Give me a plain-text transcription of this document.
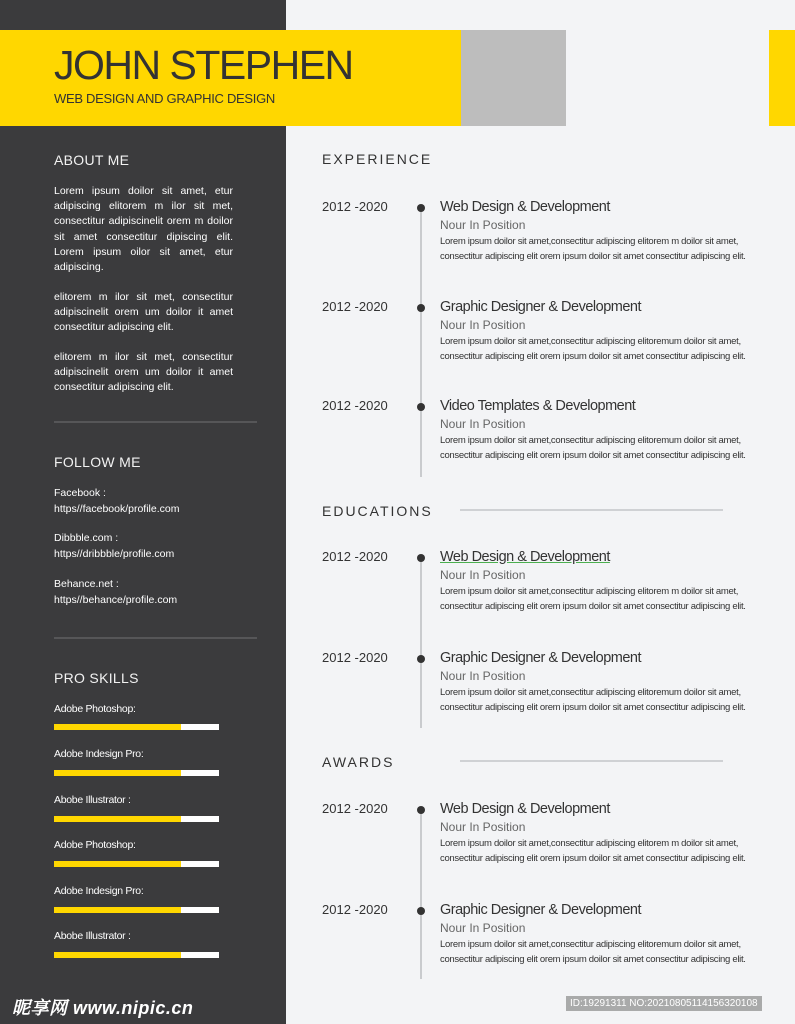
JOHN STEPHEN
WEB DESIGN AND GRAPHIC DESIGN
ABOUT ME

Lorem ipsum doilor sit amet, etur adipiscing elitorem m ilor sit met, consectitur adipiscinelit orem m doilor sit amet consectitur dipiscing elit. Lorem ipsum oilor sit amet, etur adipiscing.

elitorem m ilor sit met, consectitur adipiscinelit orem um doilor it amet consectitur adipiscing elit.

elitorem m ilor sit met, consectitur adipiscinelit orem um doilor it amet consectitur adipiscing elit.

FOLLOW ME
Facebook :
https//facebook/profile.com
Dibbble.com :
https//dribbble/profile.com
Behance.net :
https//behance/profile.com
PRO SKILLS
Adobe Photoshop:
Adobe Indesign Pro:
Abobe Illustrator :
Adobe Photoshop:
Adobe Indesign Pro:
Abobe Illustrator :
EXPERIENCE
2012 -2020	Web Design & Development
Nour In Position

Lorem ipsum doilor sit amet,consectitur adipiscing elitorem m doilor sit amet, consectitur adipiscing elit orem ipsum doilor sit amet consectitur adipiscing elit.

2012 -2020	Graphic Designer & Development
Nour In Position

Lorem ipsum doilor sit amet,consectitur adipiscing elitoremum doilor sit amet, consectitur adipiscing elit orem ipsum doilor sit amet consectitur adipiscing elit.

2012 -2020	Video Templates & Development
Nour In Position

Lorem ipsum doilor sit amet,consectitur adipiscing elitoremum doilor sit amet, consectitur adipiscing elit orem ipsum doilor sit amet consectitur adipiscing elit.

EDUCATIONS
2012 -2020	Web Design & Development
Nour In Position

Lorem ipsum doilor sit amet,consectitur adipiscing elitorem m doilor sit amet, consectitur adipiscing elit orem ipsum doilor sit amet consectitur adipiscing elit.

2012 -2020	Graphic Designer & Development
Nour In Position

Lorem ipsum doilor sit amet,consectitur adipiscing elitoremum doilor sit amet, consectitur adipiscing elit orem ipsum doilor sit amet consectitur adipiscing elit.

AWARDS
2012 -2020	Web Design & Development
Nour In Position

Lorem ipsum doilor sit amet,consectitur adipiscing elitorem m doilor sit amet, consectitur adipiscing elit orem ipsum doilor sit amet consectitur adipiscing elit.

2012 -2020	Graphic Designer & Development
Nour In Position

Lorem ipsum doilor sit amet,consectitur adipiscing elitoremum doilor sit amet, consectitur adipiscing elit orem ipsum doilor sit amet consectitur adipiscing elit.

昵享网 www.nipic.cn	ID:19291311 NO:20210805114156320108
